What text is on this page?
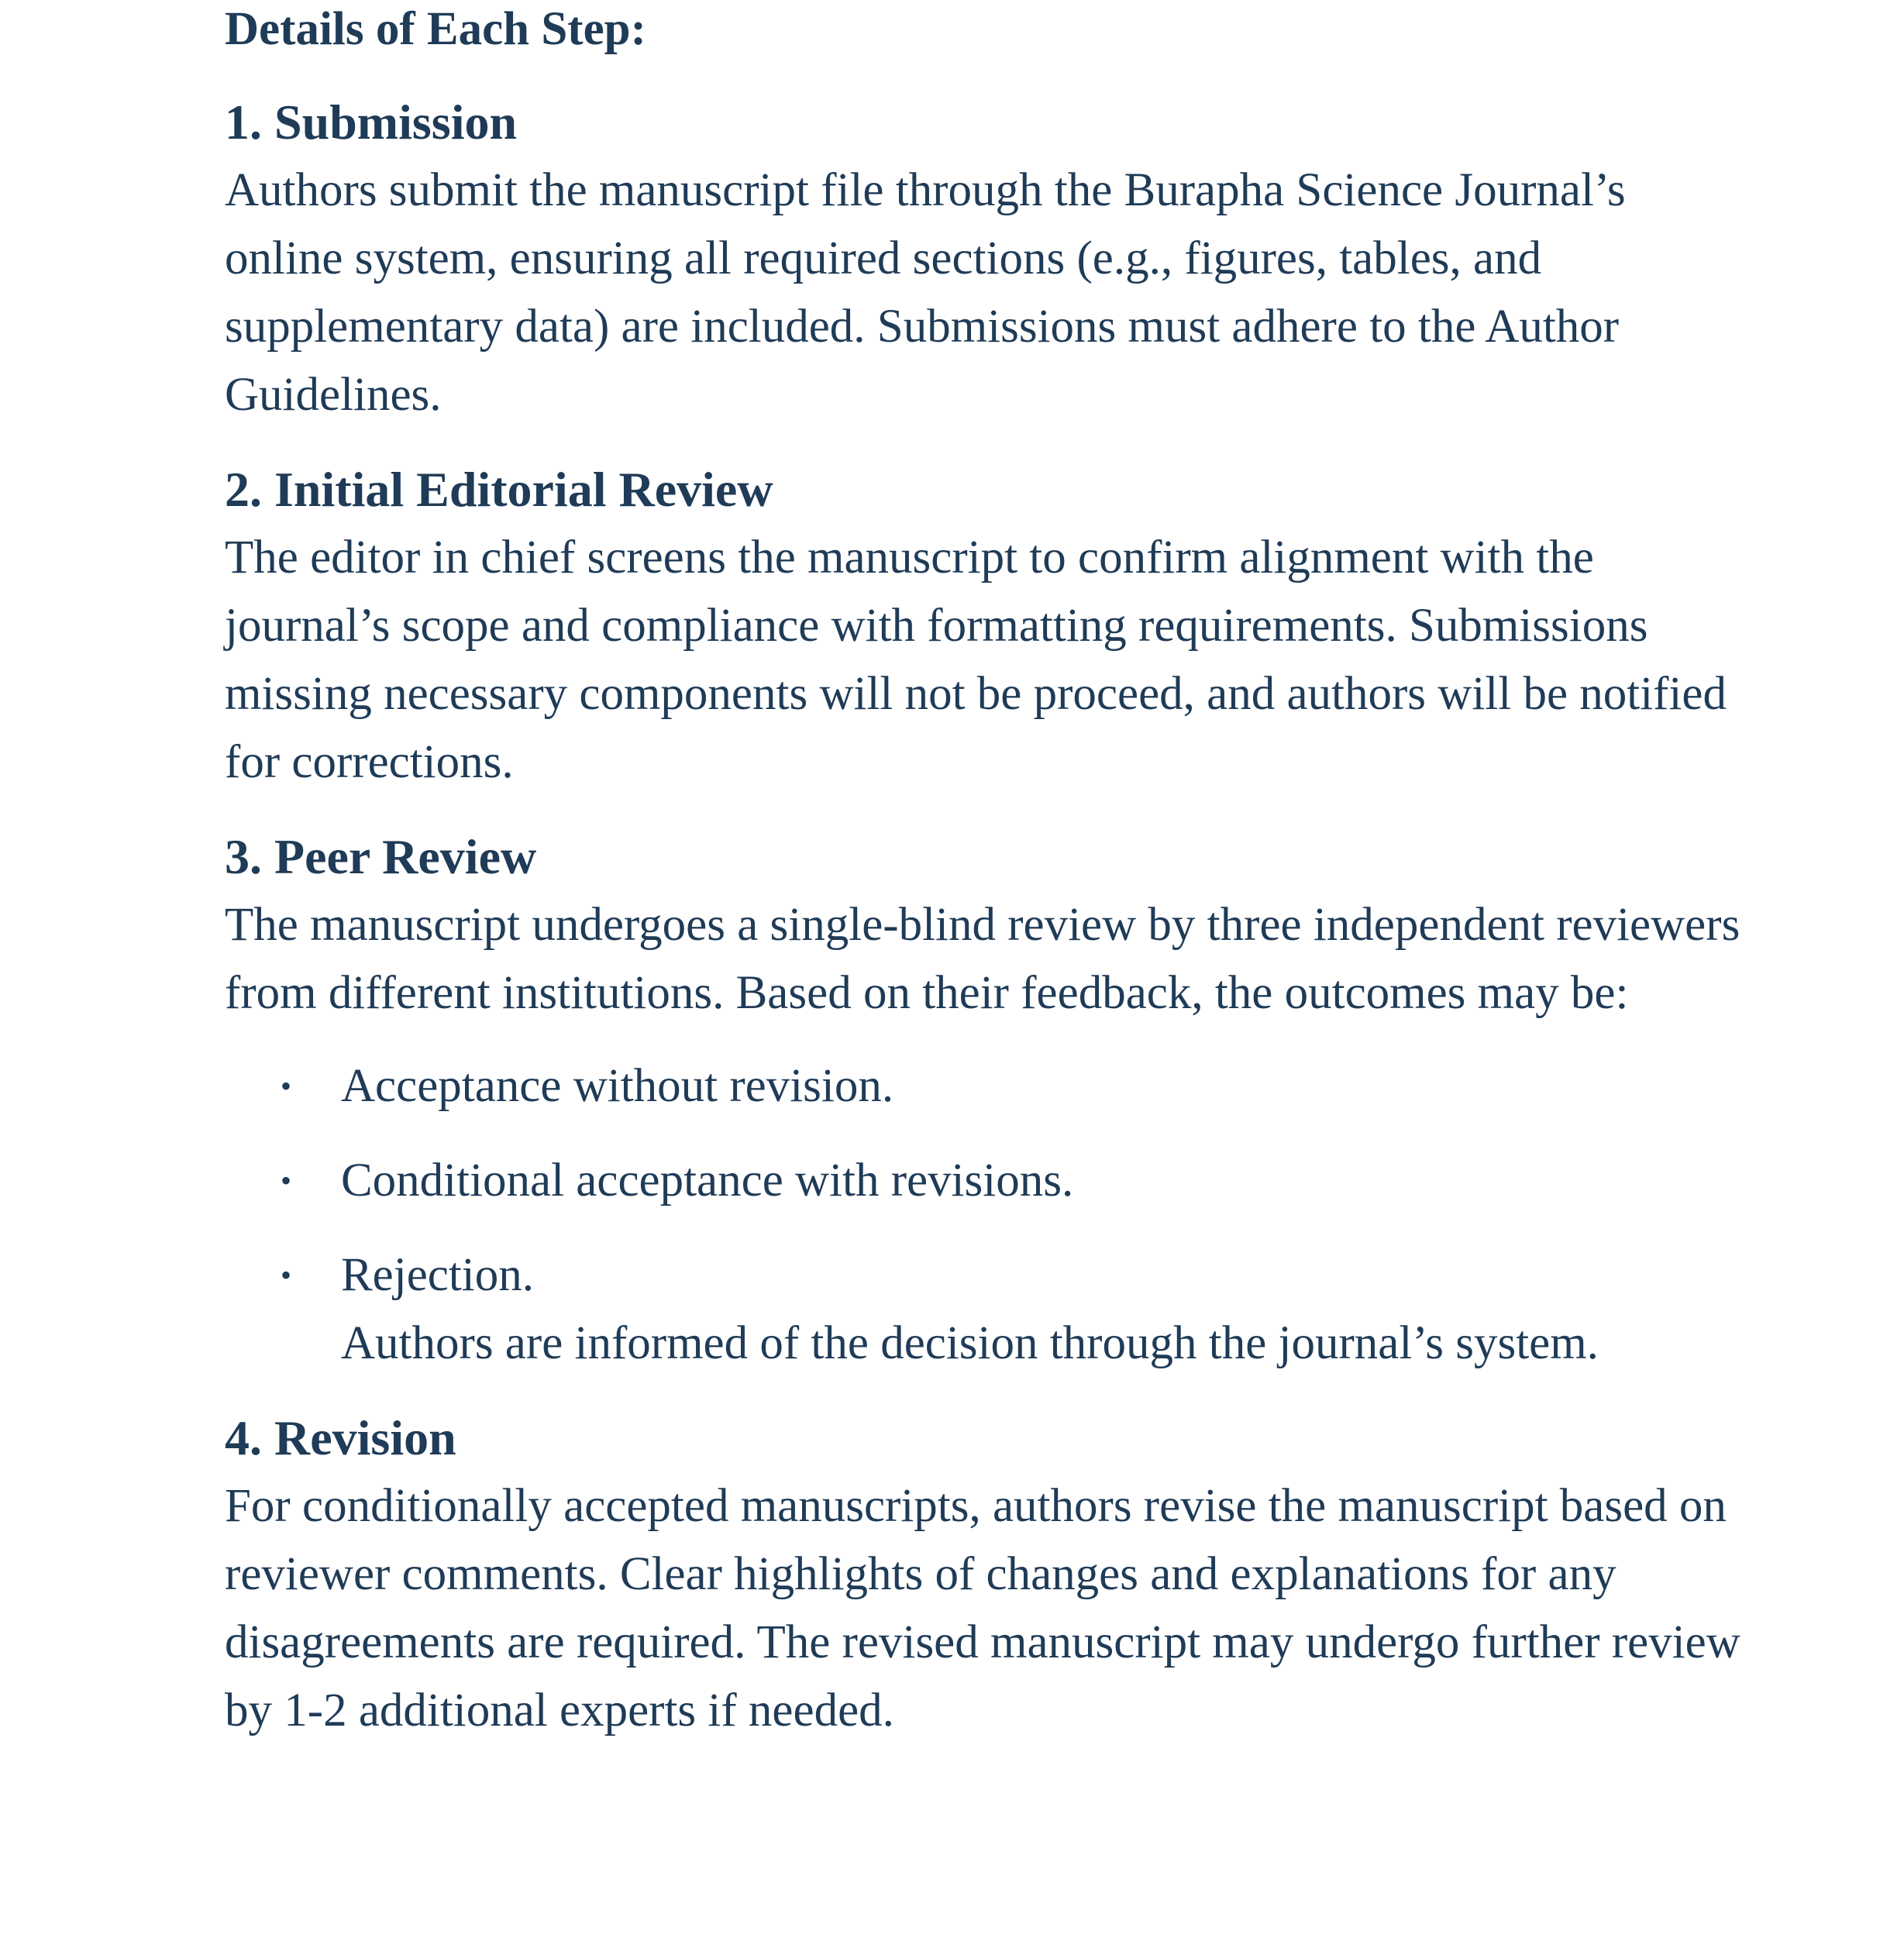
Details of Each Step:
1. Submission

Authors submit the manuscript file through the Burapha Science Journal’s online system, ensuring all required sections (e.g., figures, tables, and supplementary data) are included. Submissions must adhere to the Author Guidelines.

2. Initial Editorial Review

The editor in chief screens the manuscript to confirm alignment with the journal’s scope and compliance with formatting requirements. Submissions missing necessary components will not be proceed, and authors will be notified for corrections.

3. Peer Review

The manuscript undergoes a single-blind review by three independent reviewers from different institutions. Based on their feedback, the outcomes may be:

• Acceptance without revision.
• Conditional acceptance with revisions.
• Rejection.
Authors are informed of the decision through the journal’s system.
4. Revision

For conditionally accepted manuscripts, authors revise the manuscript based on reviewer comments. Clear highlights of changes and explanations for any disagreements are required. The revised manuscript may undergo further review by 1-2 additional experts if needed.
